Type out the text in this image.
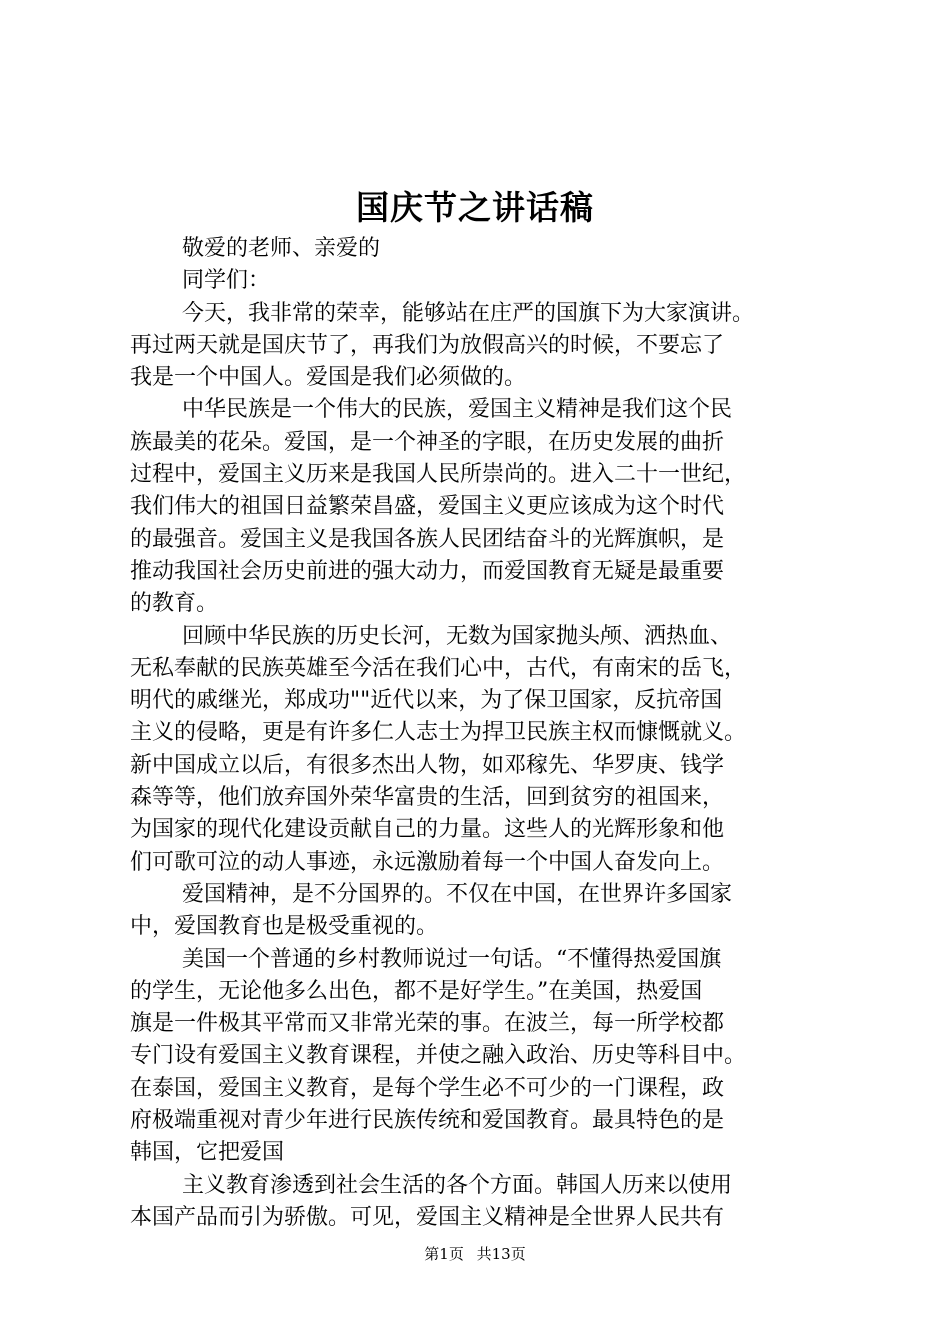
国庆节之讲话稿
敬爱的老师、亲爱的
同学们：
今天，我非常的荣幸，能够站在庄严的国旗下为大家演讲。
再过两天就是国庆节了，再我们为放假高兴的时候，不要忘了
我是一个中国人。爱国是我们必须做的。
中华民族是一个伟大的民族，爱国主义精神是我们这个民
族最美的花朵。爱国，是一个神圣的字眼，在历史发展的曲折
过程中，爱国主义历来是我国人民所崇尚的。进入二十一世纪，
我们伟大的祖国日益繁荣昌盛，爱国主义更应该成为这个时代
的最强音。爱国主义是我国各族人民团结奋斗的光辉旗帜，是
推动我国社会历史前进的强大动力，而爱国教育无疑是最重要
的教育。
回顾中华民族的历史长河，无数为国家抛头颅、洒热血、
无私奉献的民族英雄至今活在我们心中，古代，有南宋的岳飞，
明代的戚继光，郑成功""近代以来，为了保卫国家，反抗帝国
主义的侵略，更是有许多仁人志士为捍卫民族主权而慷慨就义。
新中国成立以后，有很多杰出人物，如邓稼先、华罗庚、钱学
森等等，他们放弃国外荣华富贵的生活，回到贫穷的祖国来，
为国家的现代化建设贡献自己的力量。这些人的光辉形象和他
们可歌可泣的动人事迹，永远激励着每一个中国人奋发向上。
爱国精神，是不分国界的。不仅在中国，在世界许多国家
中，爱国教育也是极受重视的。
美国一个普通的乡村教师说过一句话。“不懂得热爱国旗
的学生，无论他多么出色，都不是好学生。”在美国，热爱国
旗是一件极其平常而又非常光荣的事。在波兰，每一所学校都
专门设有爱国主义教育课程，并使之融入政治、历史等科目中。
在泰国，爱国主义教育，是每个学生必不可少的一门课程，政
府极端重视对青少年进行民族传统和爱国教育。最具特色的是
韩国，它把爱国
主义教育渗透到社会生活的各个方面。韩国人历来以使用
本国产品而引为骄傲。可见，爱国主义精神是全世界人民共有
第1页 共13页
